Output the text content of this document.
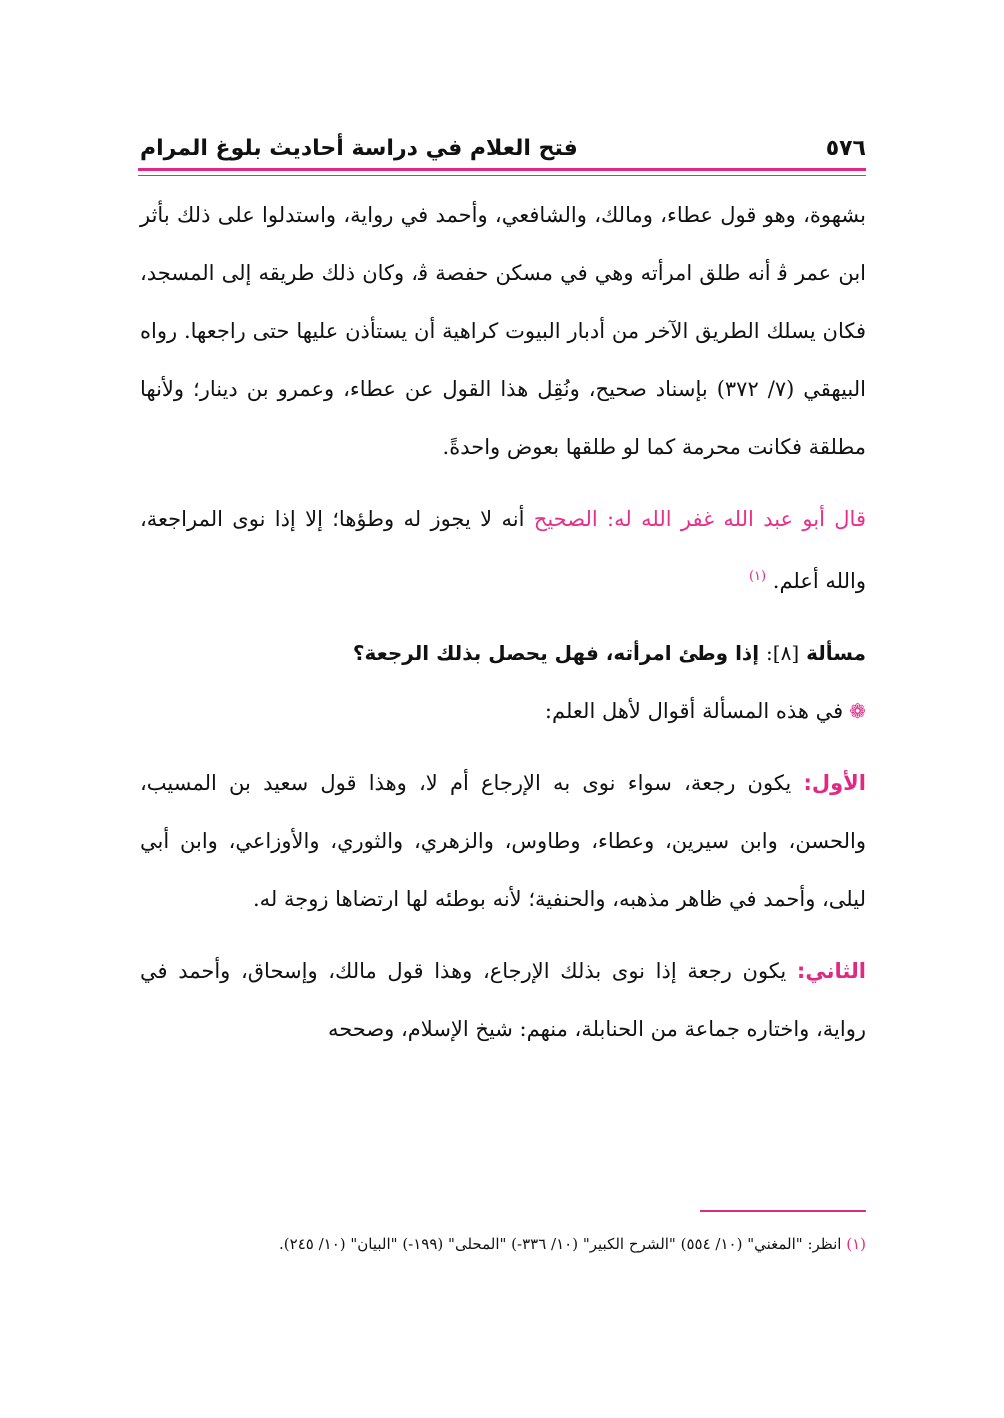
٥٧٦
فتح العلام في دراسة أحاديث بلوغ المرام

بشهوة، وهو قول عطاء، ومالك، والشافعي، وأحمد في رواية، واستدلوا على ذلك بأثر ابن عمر ﭬ أنه طلق امرأته وهي في مسكن حفصة ﭬ، وكان ذلك طريقه إلى المسجد، فكان يسلك الطريق الآخر من أدبار البيوت كراهية أن يستأذن عليها حتى راجعها. رواه البيهقي (٧/ ٣٧٢) بإسناد صحيح، ونُقِل هذا القول عن عطاء، وعمرو بن دينار؛ ولأنها مطلقة فكانت محرمة كما لو طلقها بعوض واحدةً.

قال أبو عبد الله غفر الله له: الصحيح أنه لا يجوز له وطؤها؛ إلا إذا نوى المراجعة، والله أعلم. $^{(١)}$

مسألة [٨]: إذا وطئ امرأته، فهل يحصل بذلك الرجعة؟

❁في هذه المسألة أقوال لأهل العلم:

الأول: يكون رجعة، سواء نوى به الإرجاع أم لا، وهذا قول سعيد بن المسيب، والحسن، وابن سيرين، وعطاء، وطاوس، والزهري، والثوري، والأوزاعي، وابن أبي ليلى، وأحمد في ظاهر مذهبه، والحنفية؛ لأنه بوطئه لها ارتضاها زوجة له.

الثاني: يكون رجعة إذا نوى بذلك الإرجاع، وهذا قول مالك، وإسحاق، وأحمد في رواية، واختاره جماعة من الحنابلة، منهم: شيخ الإسلام، وصححه

(١) انظر: "المغني" (١٠/ ٥٥٤) "الشرح الكبير" (١٠/ ٣٣٦-) "المحلى" (١٩٩-) "البيان" (١٠/ ٢٤٥).
